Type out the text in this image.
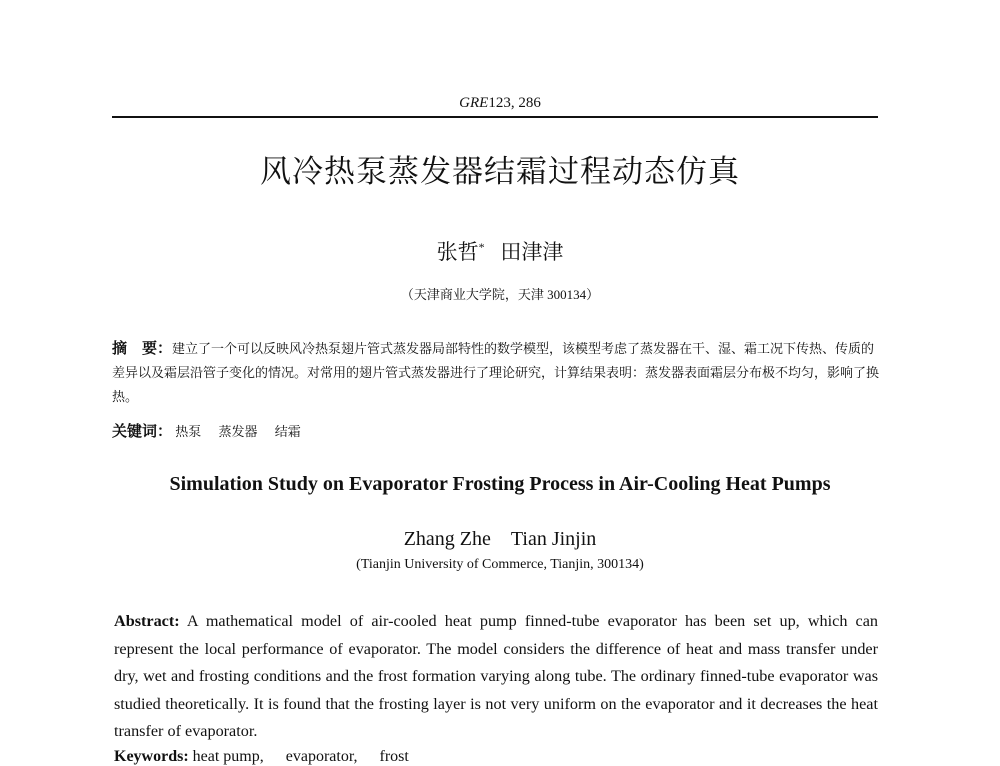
GRE123, 286
风冷热泵蒸发器结霜过程动态仿真
张哲* 田津津
（天津商业大学院，天津 300134）
摘　要：建立了一个可以反映风冷热泵翅片管式蒸发器局部特性的数学模型，该模型考虑了蒸发器在干、湿、霜工况下传热、传质的差异以及霜层沿管子变化的情况。对常用的翅片管式蒸发器进行了理论研究，计算结果表明：蒸发器表面霜层分布极不均匀，影响了换热。
关键词： 热泵 蒸发器 结霜
Simulation Study on Evaporator Frosting Process in Air-Cooling Heat Pumps
Zhang Zhe Tian Jinjin
(Tianjin University of Commerce, Tianjin, 300134)
Abstract: A mathematical model of air-cooled heat pump finned-tube evaporator has been set up, which can represent the local performance of evaporator. The model considers the difference of heat and mass transfer under dry, wet and frosting conditions and the frost formation varying along tube. The ordinary finned-tube evaporator was studied theoretically. It is found that the frosting layer is not very uniform on the evaporator and it decreases the heat transfer of evaporator.
Keywords: heat pump, evaporator, frost
